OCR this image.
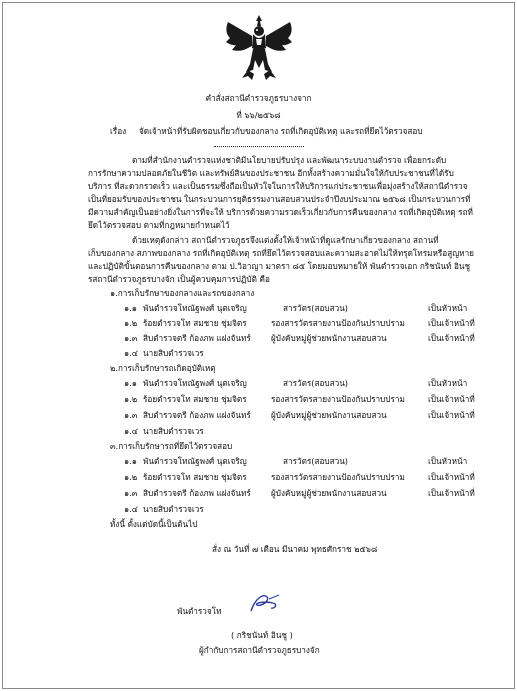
คำสั่งสถานีตำรวจภูธรบางจาก
ที่ ๖๖/๒๕๖๘
เรื่อง จัดเจ้าหน้าที่รับผิดชอบเกี่ยวกับของกลาง รถที่เกิดอุบัติเหตุ และรถที่ยึดไว้ตรวจสอบ
ตามที่สำนักงานตำรวจแห่งชาติมีนโยบายปรับปรุง และพัฒนาระบบงานตำรวจ เพื่อยกระดับ
การรักษาความปลอดภัยในชีวิต และทรัพย์สินของประชาชน อีกทั้งสร้างความมั่นใจให้กับประชาชนที่ได้รับ
บริการ ที่สะดวกรวดเร็ว และเป็นธรรมซึ่งถือเป็นหัวใจในการให้บริการแก่ประชาชนเพื่อมุ่งสร้างให้สถานีตำรวจ
เป็นที่ยอมรับของประชาชน ในกระบวนการยุติธรรมงานสอบสวนประจำปีงบประมาณ ๒๕๖๘ เป็นกระบวนการที่
มีความสำคัญเป็นอย่างยิ่งในการที่จะให้ บริการด้วยความรวดเร็วเกี่ยวกับการคืนของกลาง รถที่เกิดอุบัติเหตุ รถที่
ยึดไว้ตรวจสอบ ตามที่กฎหมายกำหนดไว้
ด้วยเหตุดังกล่าว สถานีตำรวจภูธรจึงแต่งตั้งให้เจ้าหน้าที่ดูแลรักษาเกี่ยวของกลาง สถานที่
เก็บของกลาง สภาพของกลาง รถที่เกิดอุบัติเหตุ รถที่ยึดไว้ตรวจสอบและความสะอาดไม่ให้ทรุดโทรมหรือสูญหาย
และปฏิบัติขั้นตอนการคืนของกลาง ตาม ป.วิอาญา มาตรา ๘๕ โดยมอบหมายให้ พันตำรวจเอก กริชนันท์ อินชู
รสถานีตำรวจภูธรบางจัก เป็นผู้ควบคุมการปฏิบัติ คือ
๑.การเก็บรักษาของกลางและรถของกลาง
๑.๑ พันตำรวจโทณัฐพงศ์ นุตเจริญ	สารวัตร(สอบสวน)	เป็นหัวหน้า
๑.๒ ร้อยตำรวจโท สมชาย ชุ่มจิตร	รองสารวัตรสายงานป้องกันปราบปราม	เป็นเจ้าหน้าที่
๑.๓ สิบตำรวจตรี ก้องภพ แฝงจันทร์ ผู้บังคับหมู่ผู้ช่วยพนักงานสอบสวน	เป็นเจ้าหน้าที่
๑.๔ นายสิบตำรวจเวร
๒.การเก็บรักษารถเกิดอุบัติเหตุ
๑.๑ พันตำรวจโทณัฐพงศ์ นุตเจริญ	สารวัตร(สอบสวน)	เป็นหัวหน้า
๑.๒ ร้อยตำรวจโท สมชาย ชุ่มจิตร	รองสารวัตรสายงานป้องกันปราบปราม	เป็นเจ้าหน้าที่
๑.๓ สิบตำรวจตรี ก้องภพ แฝงจันทร์ ผู้บังคับหมู่ผู้ช่วยพนักงานสอบสวน	เป็นเจ้าหน้าที่
๑.๔ นายสิบตำรวจเวร
๓.การเก็บรักษารถที่ยึดไว้ตรวจสอบ
๑.๑ พันตำรวจโทณัฐพงศ์ นุตเจริญ	สารวัตร(สอบสวน)	เป็นหัวหน้า
๑.๒ ร้อยตำรวจโท สมชาย ชุ่มจิตร	รองสารวัตรสายงานป้องกันปราบปราม	เป็นเจ้าหน้าที่
๑.๓ สิบตำรวจตรี ก้องภพ แฝงจันทร์ ผู้บังคับหมู่ผู้ช่วยพนักงานสอบสวน	เป็นเจ้าหน้าที่
๑.๔ นายสิบตำรวจเวร
ทั้งนี้ ตั้งแต่บัดนี้เป็นต้นไป
สั่ง ณ วันที่ ๗ เดือน มีนาคม พุทธศักราช ๒๕๖๘
พันตำรวจโท
( กริชนันท์ อินชู )
ผู้กำกับการสถานีตำรวจภูธรบางจัก
